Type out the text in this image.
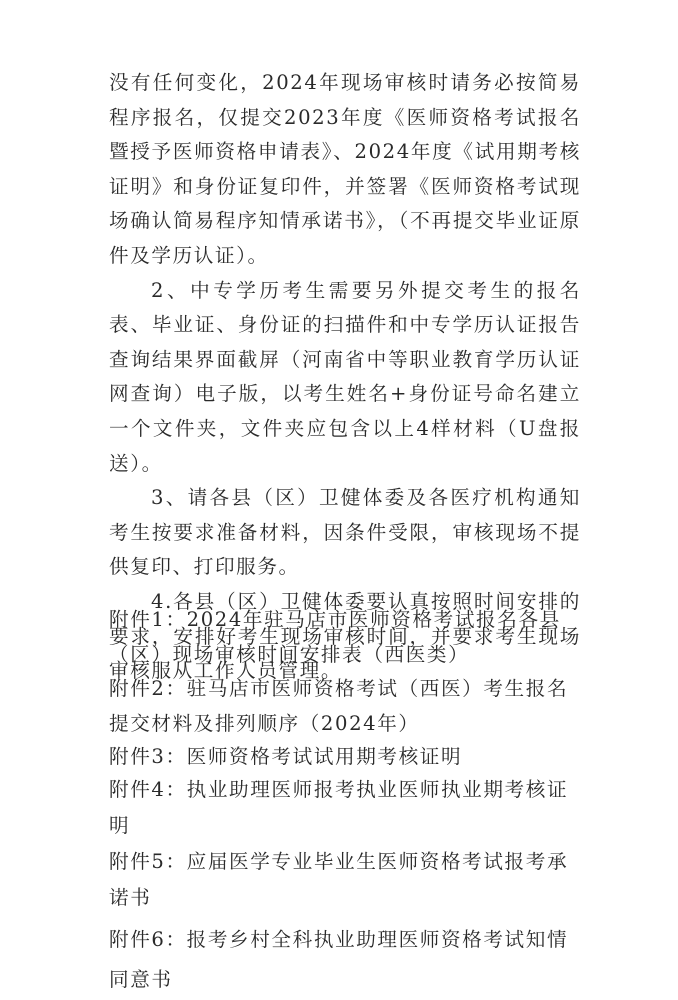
没有任何变化，2024年现场审核时请务必按简易程序报名，仅提交2023年度《医师资格考试报名暨授予医师资格申请表》、2024年度《试用期考核证明》和身份证复印件，并签署《医师资格考试现场确认简易程序知情承诺书》，（不再提交毕业证原件及学历认证）。

2、中专学历考生需要另外提交考生的报名表、毕业证、身份证的扫描件和中专学历认证报告查询结果界面截屏（河南省中等职业教育学历认证网查询）电子版，以考生姓名+身份证号命名建立一个文件夹，文件夹应包含以上4样材料（U盘报送）。

3、请各县（区）卫健体委及各医疗机构通知考生按要求准备材料，因条件受限，审核现场不提供复印、打印服务。

4.各县（区）卫健体委要认真按照时间安排的要求，安排好考生现场审核时间，并要求考生现场审核服从工作人员管理。

附件1：2024年驻马店市医师资格考试报名各县（区）现场审核时间安排表（西医类）

附件2：驻马店市医师资格考试（西医）考生报名提交材料及排列顺序（2024年）

附件3：医师资格考试试用期考核证明

附件4：执业助理医师报考执业医师执业期考核证明

附件5：应届医学专业毕业生医师资格考试报考承诺书

附件6：报考乡村全科执业助理医师资格考试知情同意书
